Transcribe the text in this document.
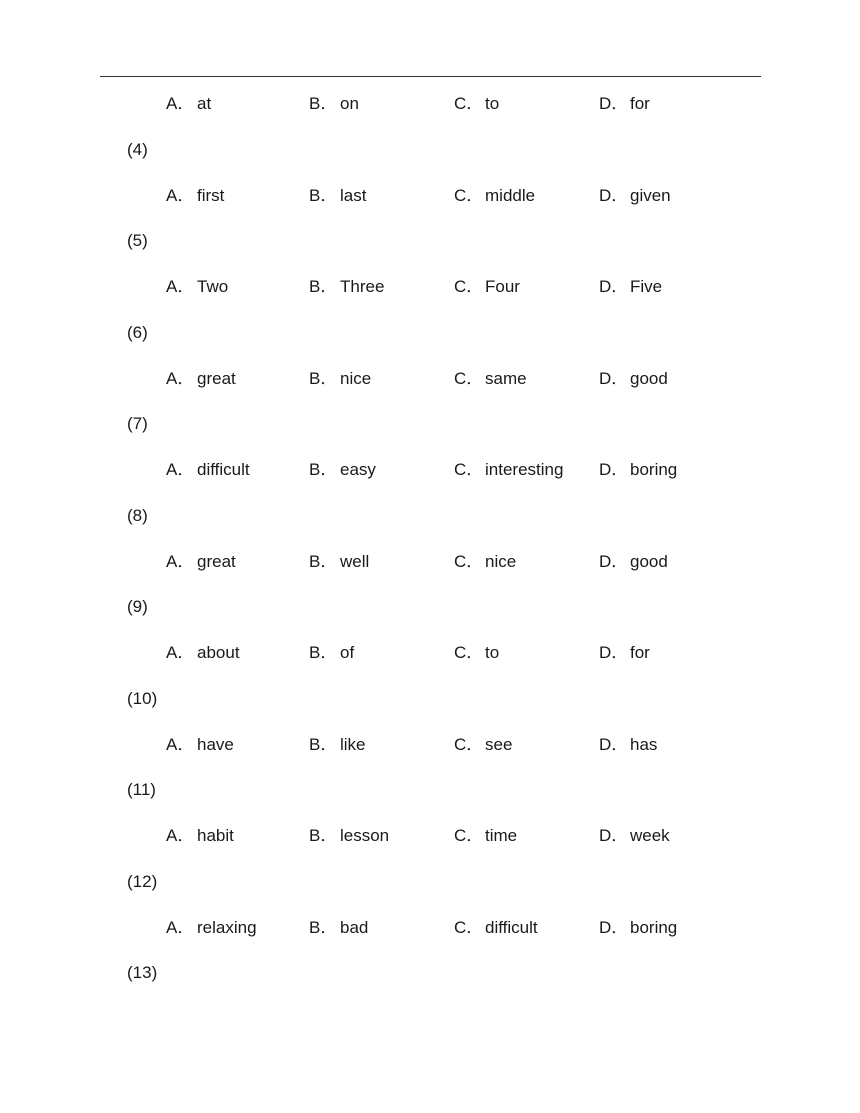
A． at	B． on	C． to	D． for
(4)
A． first	B． last	C． middle	D． given
(5)
A． Two	B． Three	C． Four	D． Five
(6)
A． great	B． nice	C． same	D． good
(7)
A． difficult	B． easy	C． interesting D． boring
(8)
A． great	B． well	C． nice	D． good
(9)
A． about	B． of	C． to	D． for
(10)
A． have	B． like	C． see	D． has
(11)
A． habit	B． lesson	C． time	D． week
(12)
A． relaxing	B． bad	C． difficult	D． boring
(13)
